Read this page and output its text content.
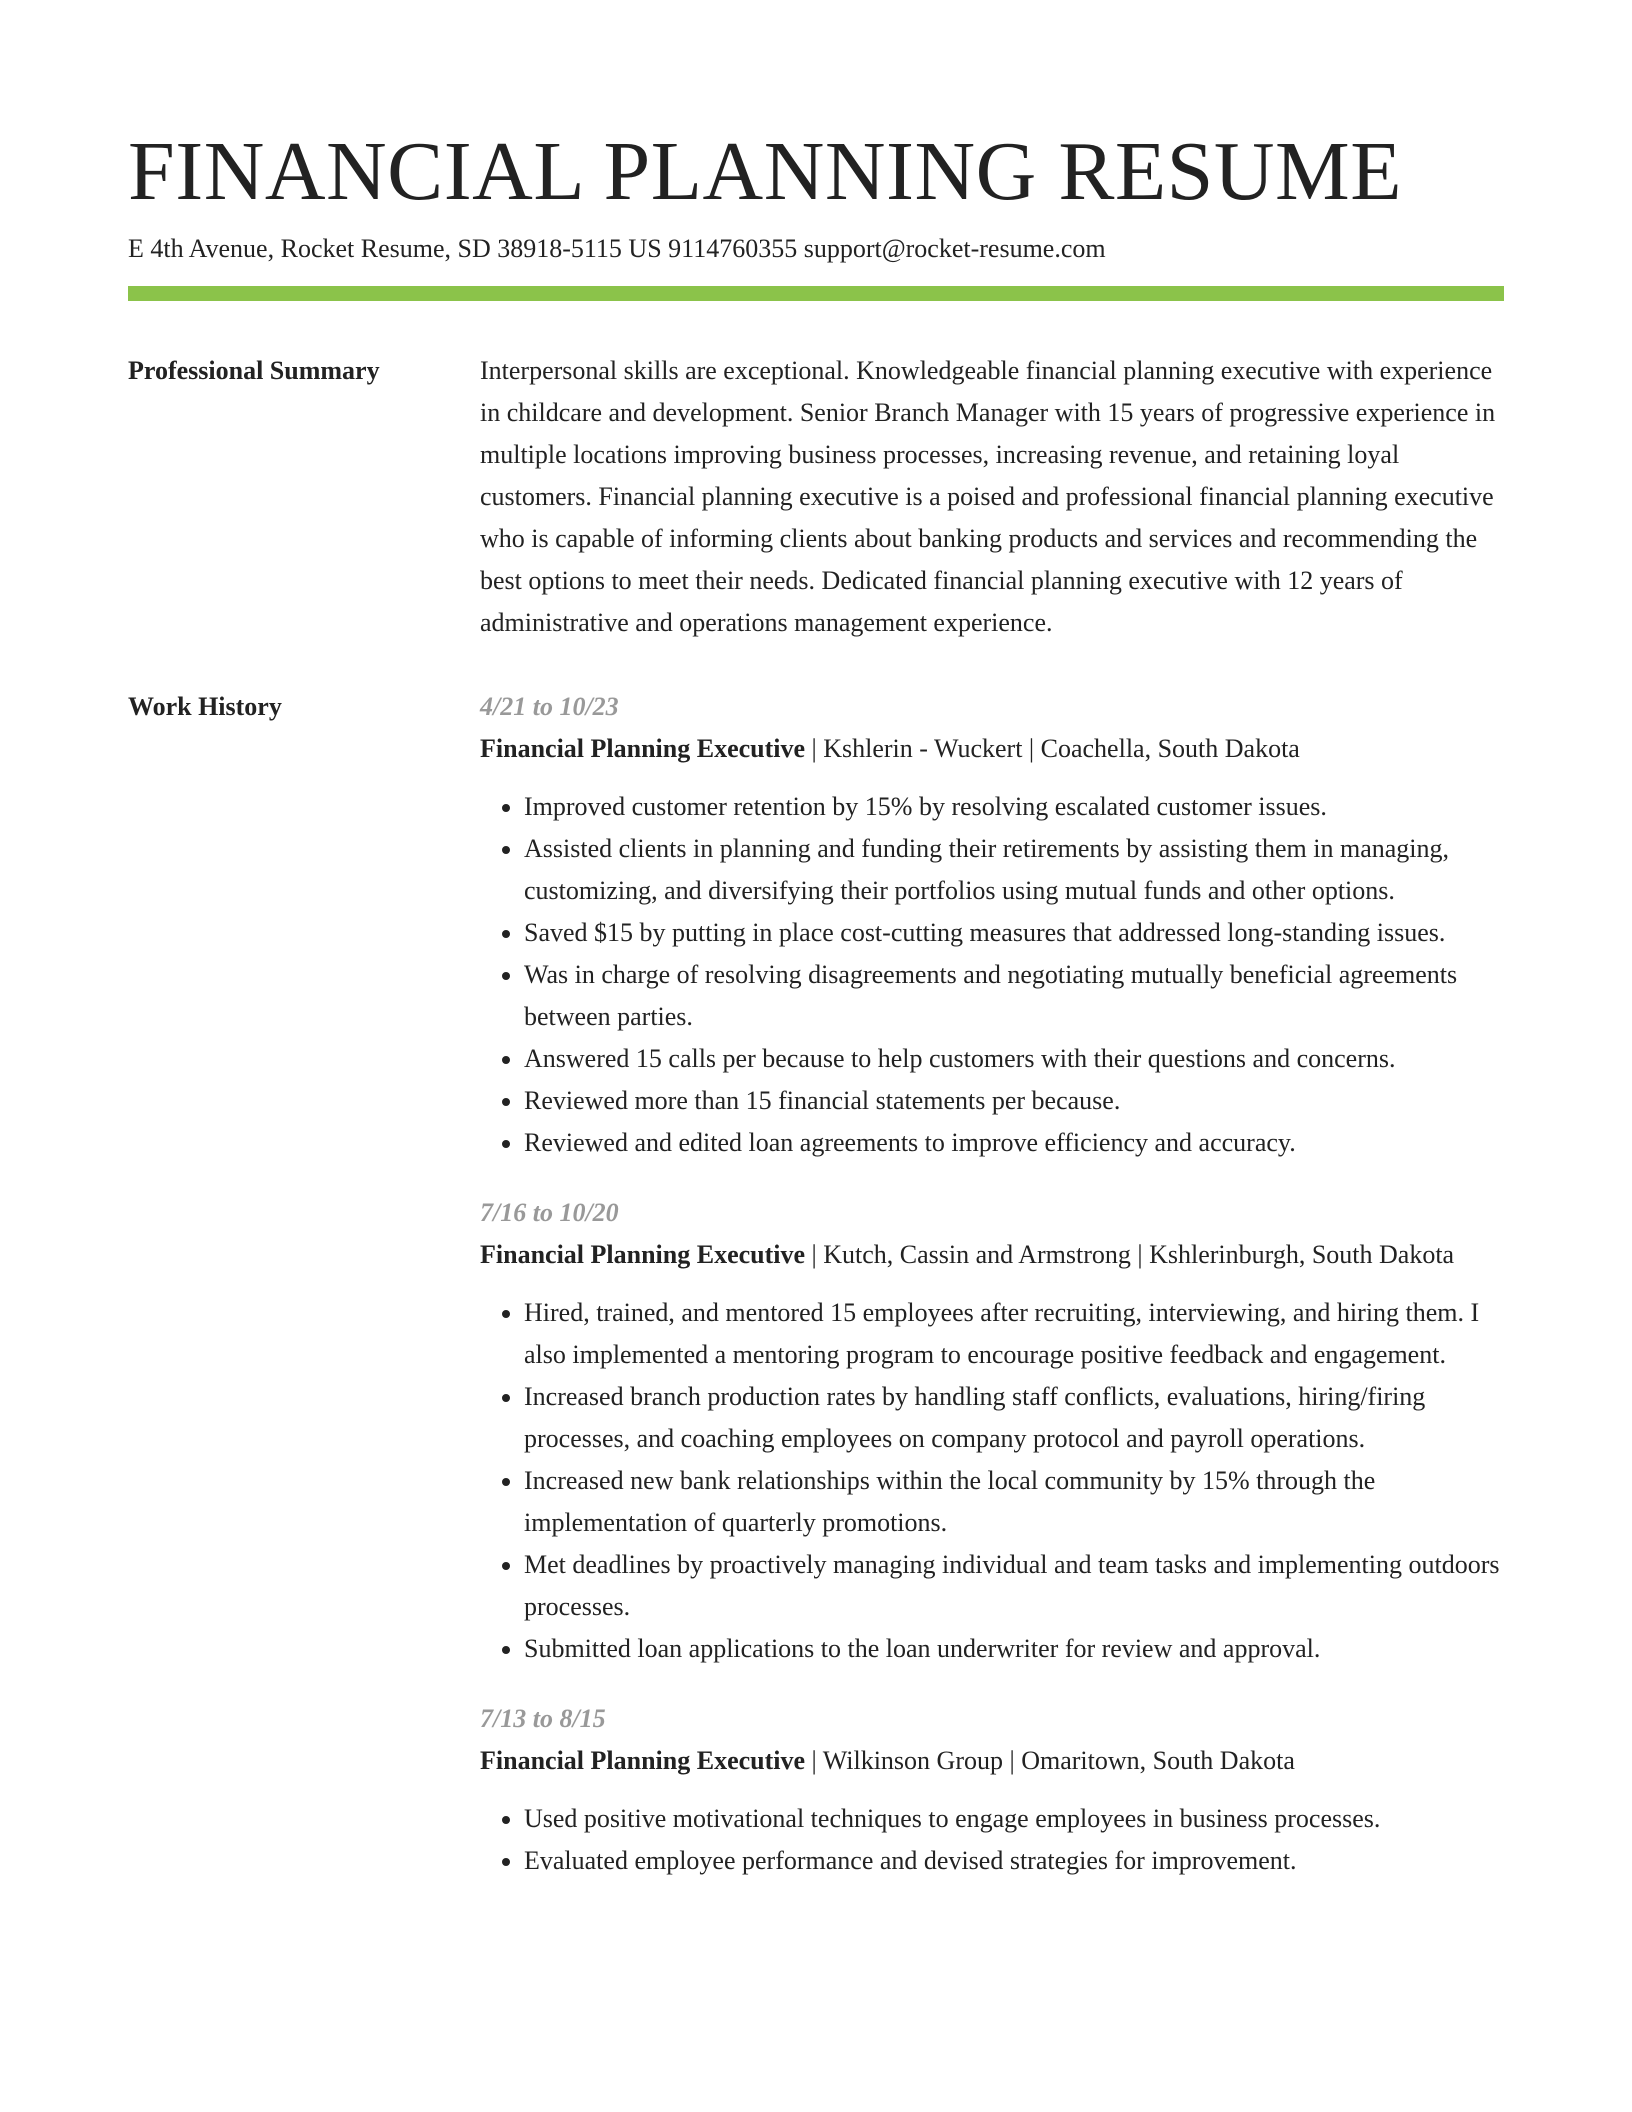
FINANCIAL PLANNING RESUME
E 4th Avenue, Rocket Resume, SD 38918-5115 US 9114760355 support@rocket-resume.com
Professional Summary	Interpersonal skills are exceptional. Knowledgeable financial planning executive with experience in childcare and development. Senior Branch Manager with 15 years of progressive experience in multiple locations improving business processes, increasing revenue, and retaining loyal customers. Financial planning executive is a poised and professional financial planning executive who is capable of informing clients about banking products and services and recommending the best options to meet their needs. Dedicated financial planning executive with 12 years of administrative and operations management experience.

Work History	4/21 to 10/23
Financial Planning Executive | Kshlerin - Wuckert | Coachella, South Dakota
• Improved customer retention by 15% by resolving escalated customer issues.
• Assisted clients in planning and funding their retirements by assisting them in managing, customizing, and diversifying their portfolios using mutual funds and other options.
• Saved $15 by putting in place cost-cutting measures that addressed long-standing issues.
• Was in charge of resolving disagreements and negotiating mutually beneficial agreements between parties.
• Answered 15 calls per because to help customers with their questions and concerns.
• Reviewed more than 15 financial statements per because.
• Reviewed and edited loan agreements to improve efficiency and accuracy.
7/16 to 10/20
Financial Planning Executive | Kutch, Cassin and Armstrong | Kshlerinburgh, South Dakota
• Hired, trained, and mentored 15 employees after recruiting, interviewing, and hiring them. I also implemented a mentoring program to encourage positive feedback and engagement.
• Increased branch production rates by handling staff conflicts, evaluations, hiring/firing processes, and coaching employees on company protocol and payroll operations.
• Increased new bank relationships within the local community by 15% through the implementation of quarterly promotions.
• Met deadlines by proactively managing individual and team tasks and implementing outdoors processes.
• Submitted loan applications to the loan underwriter for review and approval.
7/13 to 8/15
Financial Planning Executive | Wilkinson Group | Omaritown, South Dakota
• Used positive motivational techniques to engage employees in business processes.
• Evaluated employee performance and devised strategies for improvement.
